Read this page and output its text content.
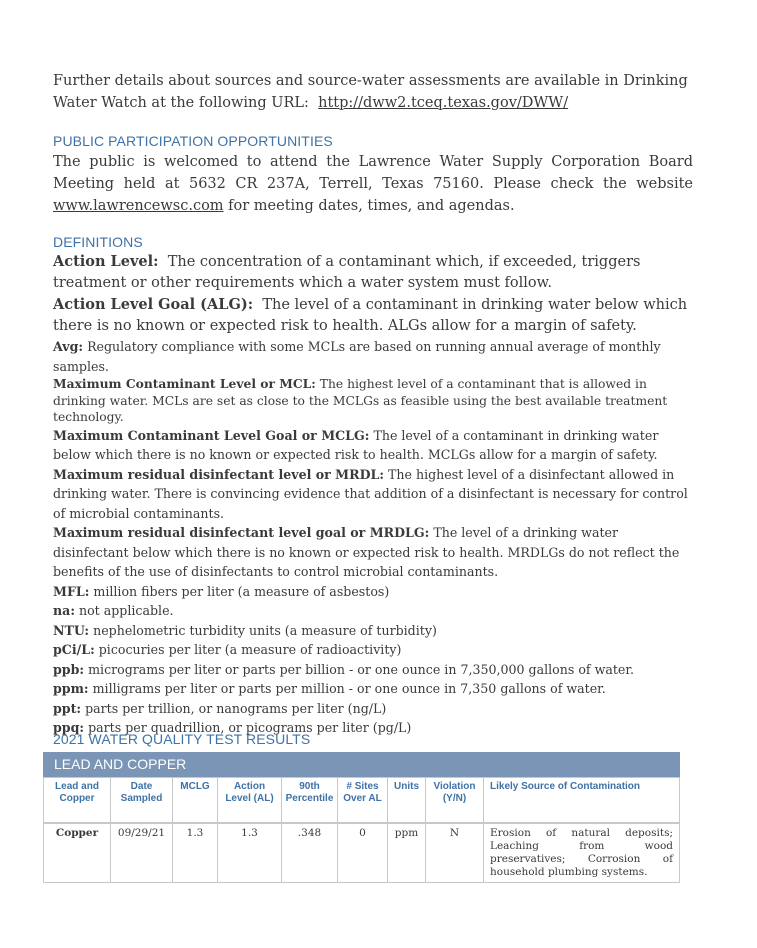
Further details about sources and source-water assessments are available in Drinking Water Watch at the following URL: http://dww2.tceq.texas.gov/DWW/

PUBLIC PARTICIPATION OPPORTUNITIES

The public is welcomed to attend the Lawrence Water Supply Corporation Board Meeting held at 5632 CR 237A, Terrell, Texas 75160. Please check the website www.lawrencewsc.com for meeting dates, times, and agendas.

DEFINITIONS

Action Level: The concentration of a contaminant which, if exceeded, triggers treatment or other requirements which a water system must follow.

Action Level Goal (ALG): The level of a contaminant in drinking water below which there is no known or expected risk to health. ALGs allow for a margin of safety.

Avg: Regulatory compliance with some MCLs are based on running annual average of monthly samples.

Maximum Contaminant Level or MCL: The highest level of a contaminant that is allowed in drinking water. MCLs are set as close to the MCLGs as feasible using the best available treatment technology.

Maximum Contaminant Level Goal or MCLG: The level of a contaminant in drinking water below which there is no known or expected risk to health. MCLGs allow for a margin of safety.

Maximum residual disinfectant level or MRDL: The highest level of a disinfectant allowed in drinking water. There is convincing evidence that addition of a disinfectant is necessary for control of microbial contaminants.

Maximum residual disinfectant level goal or MRDLG: The level of a drinking water disinfectant below which there is no known or expected risk to health. MRDLGs do not reflect the benefits of the use of disinfectants to control microbial contaminants.

MFL: million fibers per liter (a measure of asbestos)

na: not applicable.

NTU: nephelometric turbidity units (a measure of turbidity)

pCi/L: picocuries per liter (a measure of radioactivity)

ppb: micrograms per liter or parts per billion - or one ounce in 7,350,000 gallons of water.

ppm: milligrams per liter or parts per million - or one ounce in 7,350 gallons of water.

ppt: parts per trillion, or nanograms per liter (ng/L)

ppq: parts per quadrillion, or picograms per liter (pg/L)

2021 WATER QUALITY TEST RESULTS

LEAD AND COPPER
Lead and Copper	Date Sampled	MCLG	Action Level (AL)	90th Percentile	# Sites Over AL	Units	Violation (Y/N)	Likely Source of Contamination
Copper	09/29/21	1.3	1.3	.348	0	ppm	N	Erosion of natural deposits; Leaching from wood preservatives; Corrosion of household plumbing systems.
